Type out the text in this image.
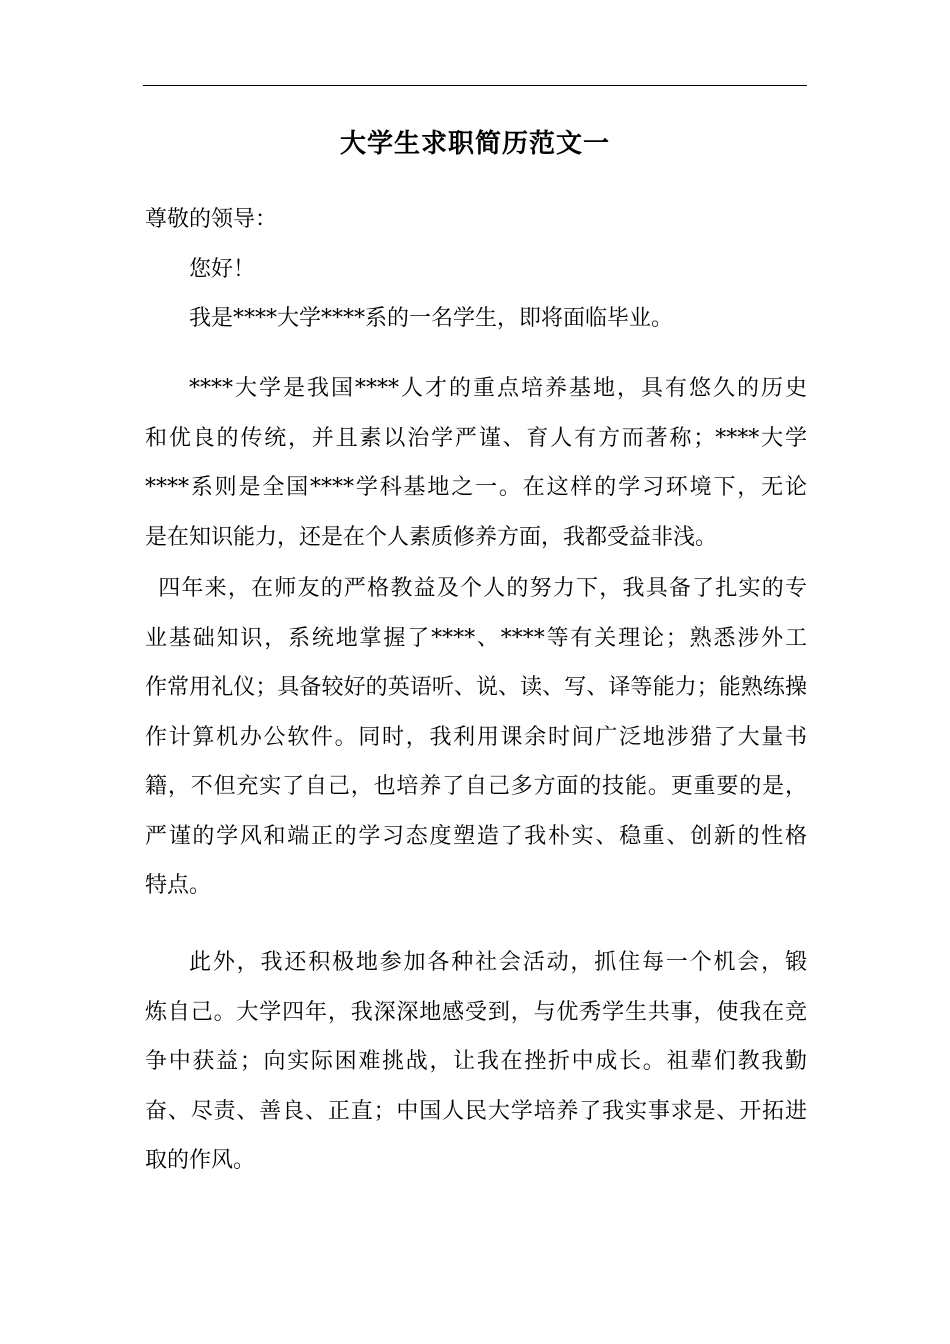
大学生求职简历范文一
尊敬的领导：
您好！
我是****大学****系的一名学生，即将面临毕业。
****大学是我国****人才的重点培养基地，具有悠久的历史
和优良的传统，并且素以治学严谨、育人有方而著称；****大学
****系则是全国****学科基地之一。在这样的学习环境下，无论
是在知识能力，还是在个人素质修养方面，我都受益非浅。
四年来，在师友的严格教益及个人的努力下，我具备了扎实的专
业基础知识，系统地掌握了****、****等有关理论；熟悉涉外工
作常用礼仪；具备较好的英语听、说、读、写、译等能力；能熟练操
作计算机办公软件。同时，我利用课余时间广泛地涉猎了大量书
籍，不但充实了自己，也培养了自己多方面的技能。更重要的是，
严谨的学风和端正的学习态度塑造了我朴实、稳重、创新的性格
特点。
此外，我还积极地参加各种社会活动，抓住每一个机会，锻
炼自己。大学四年，我深深地感受到，与优秀学生共事，使我在竞
争中获益；向实际困难挑战，让我在挫折中成长。祖辈们教我勤
奋、尽责、善良、正直；中国人民大学培养了我实事求是、开拓进
取的作风。
